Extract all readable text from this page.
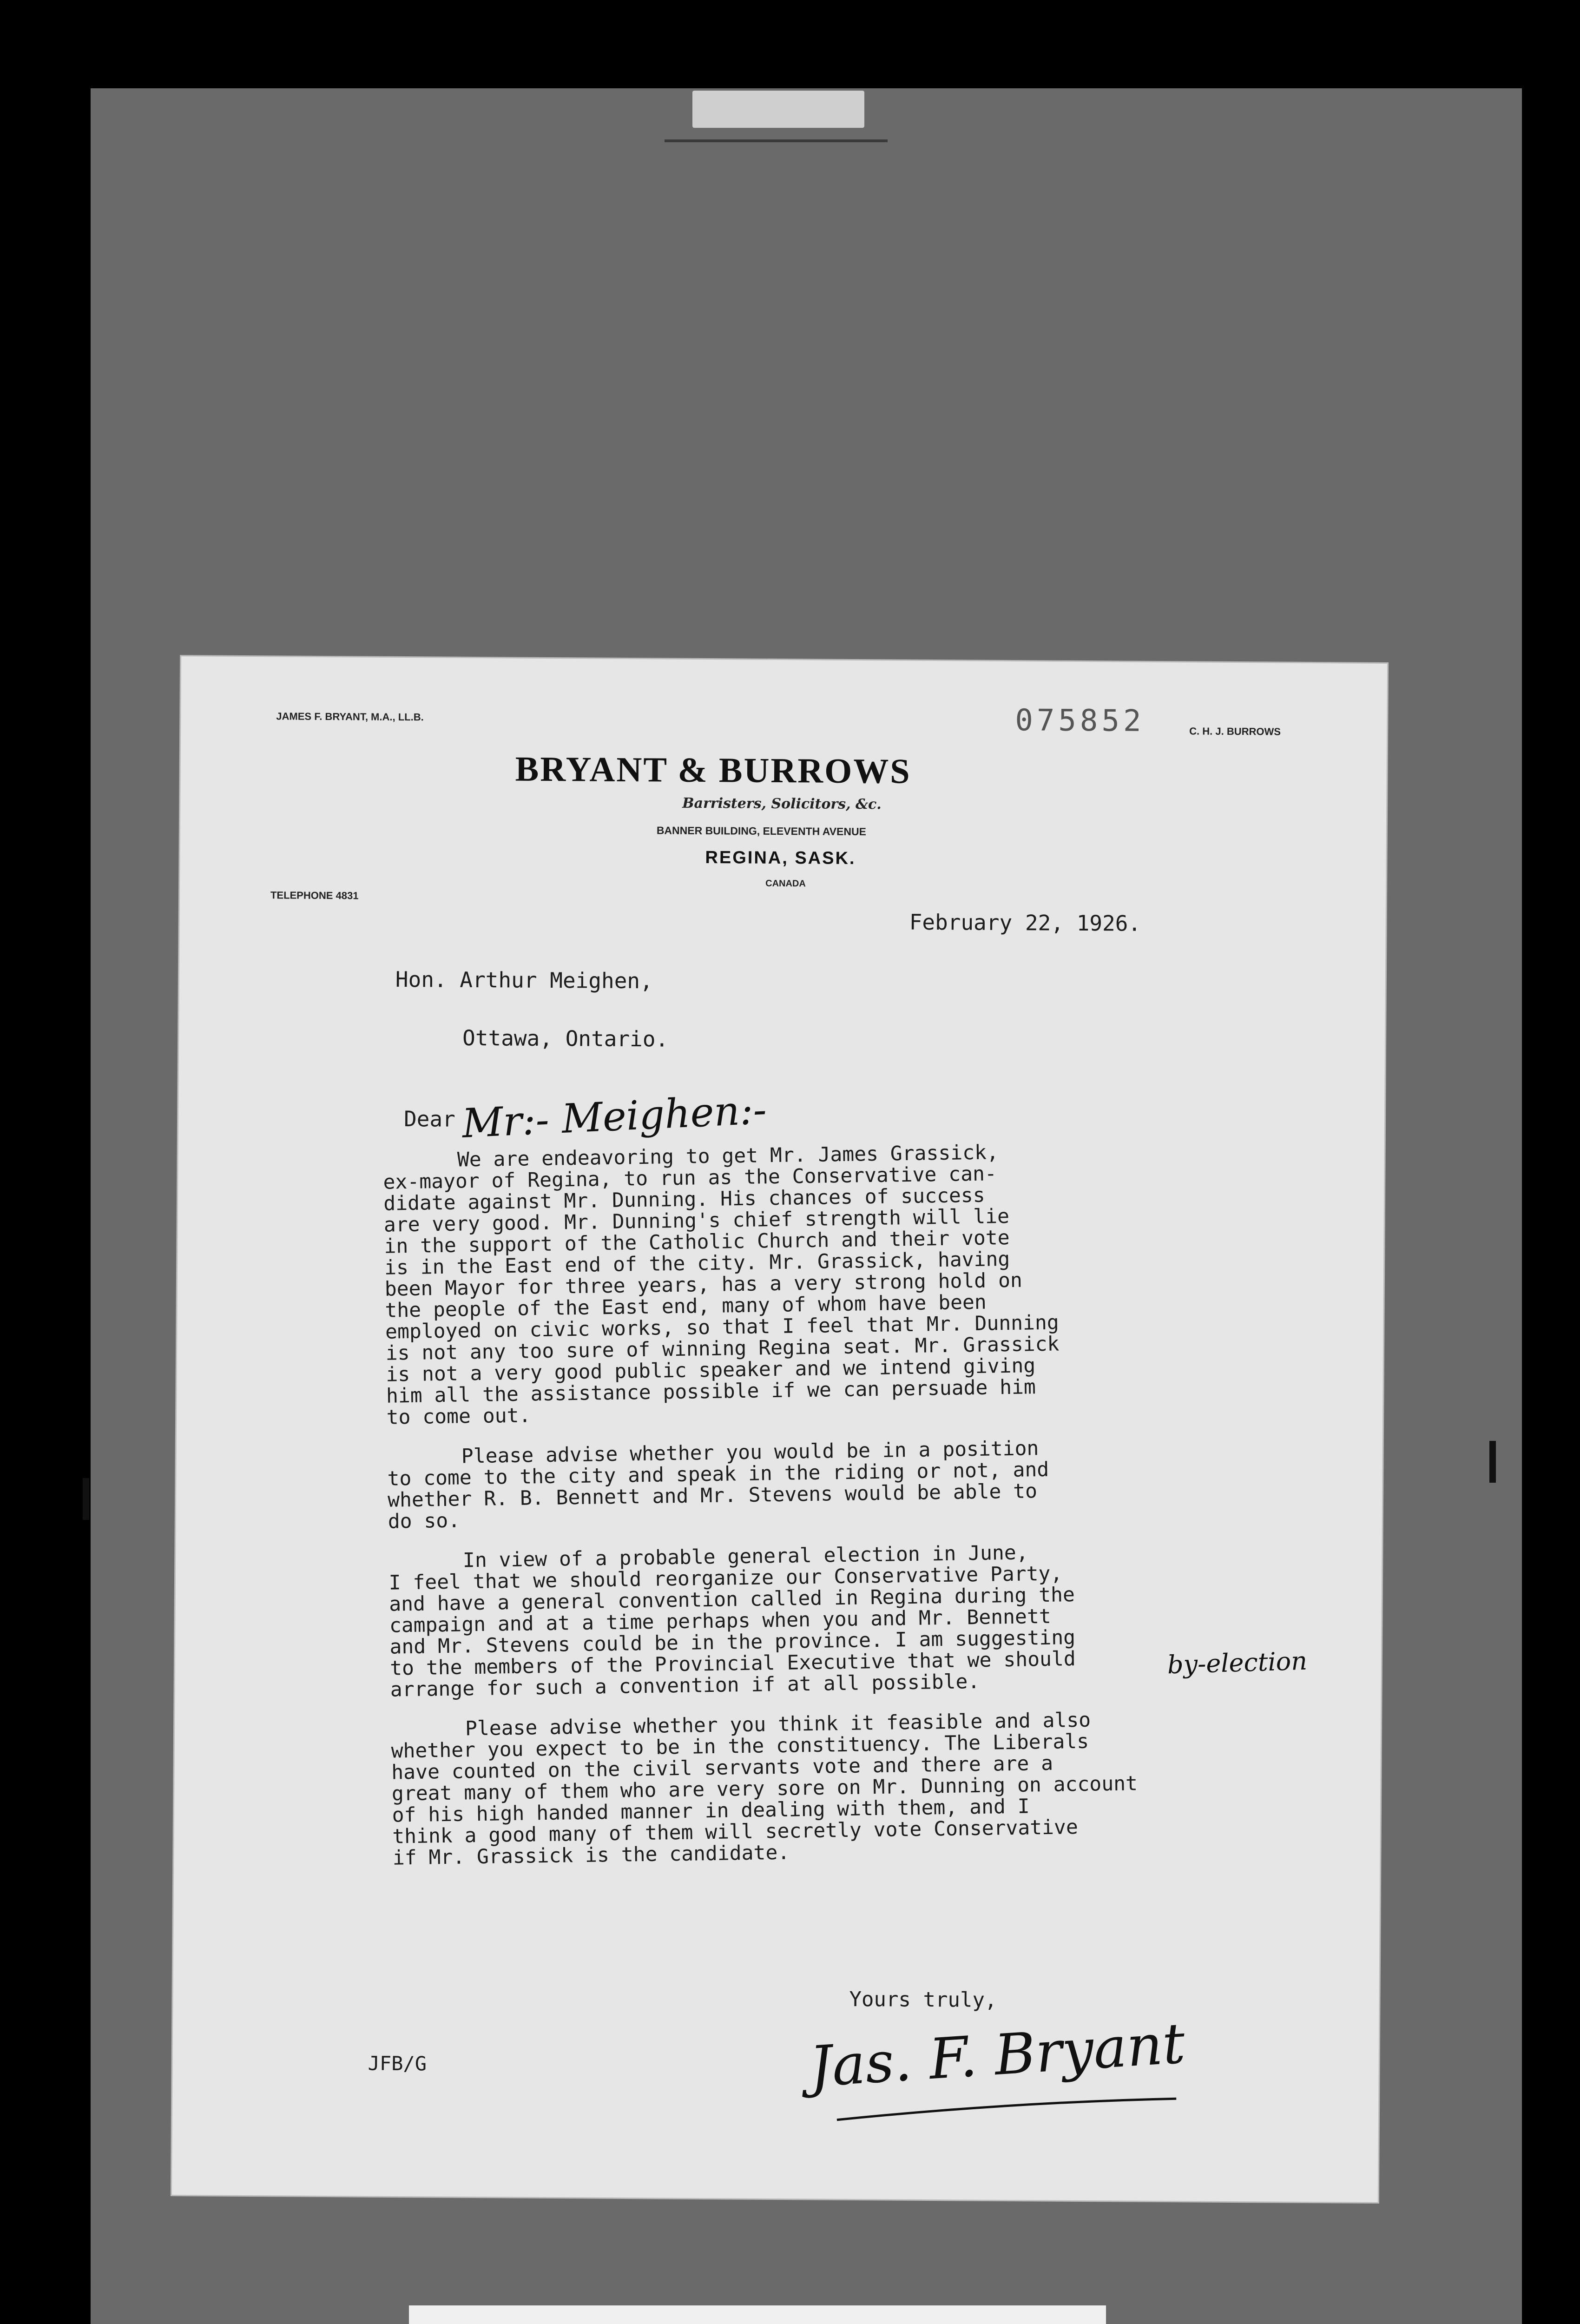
JAMES F. BRYANT, M.A., LL.B.	075852	C. H. J. BURROWS
BRYANT & BURROWS
Barristers, Solicitors, &c.
BANNER BUILDING, ELEVENTH AVENUE
REGINA, SASK.
CANADA
TELEPHONE 4831
February 22, 1926.
Hon. Arthur Meighen,
Ottawa, Ontario.
Dear Mr:- Meighen:-

We are endeavoring to get Mr. James Grassick,
ex-mayor of Regina, to run as the Conservative can-
didate against Mr. Dunning. His chances of success
are very good. Mr. Dunning's chief strength will lie
in the support of the Catholic Church and their vote
is in the East end of the city. Mr. Grassick, having
been Mayor for three years, has a very strong hold on
the people of the East end, many of whom have been
employed on civic works, so that I feel that Mr. Dunning
is not any too sure of winning Regina seat. Mr. Grassick
is not a very good public speaker and we intend giving
him all the assistance possible if we can persuade him
to come out.

Please advise whether you would be in a position
to come to the city and speak in the riding or not, and
whether R. B. Bennett and Mr. Stevens would be able to
do so.

In view of a probable general election in June,
I feel that we should reorganize our Conservative Party,
and have a general convention called in Regina during the
campaign and at a time perhaps when you and Mr. Bennett
and Mr. Stevens could be in the province. I am suggesting
to the members of the Provincial Executive that we should
arrange for such a convention if at all possible.

Please advise whether you think it feasible and also
whether you expect to be in the constituency. The Liberals
have counted on the civil servants vote and there are a
great many of them who are very sore on Mr. Dunning on account
of his high handed manner in dealing with them, and I
think a good many of them will secretly vote Conservative
if Mr. Grassick is the candidate.

by-election
Yours truly,
Jas. F. Bryant
JFB/G
